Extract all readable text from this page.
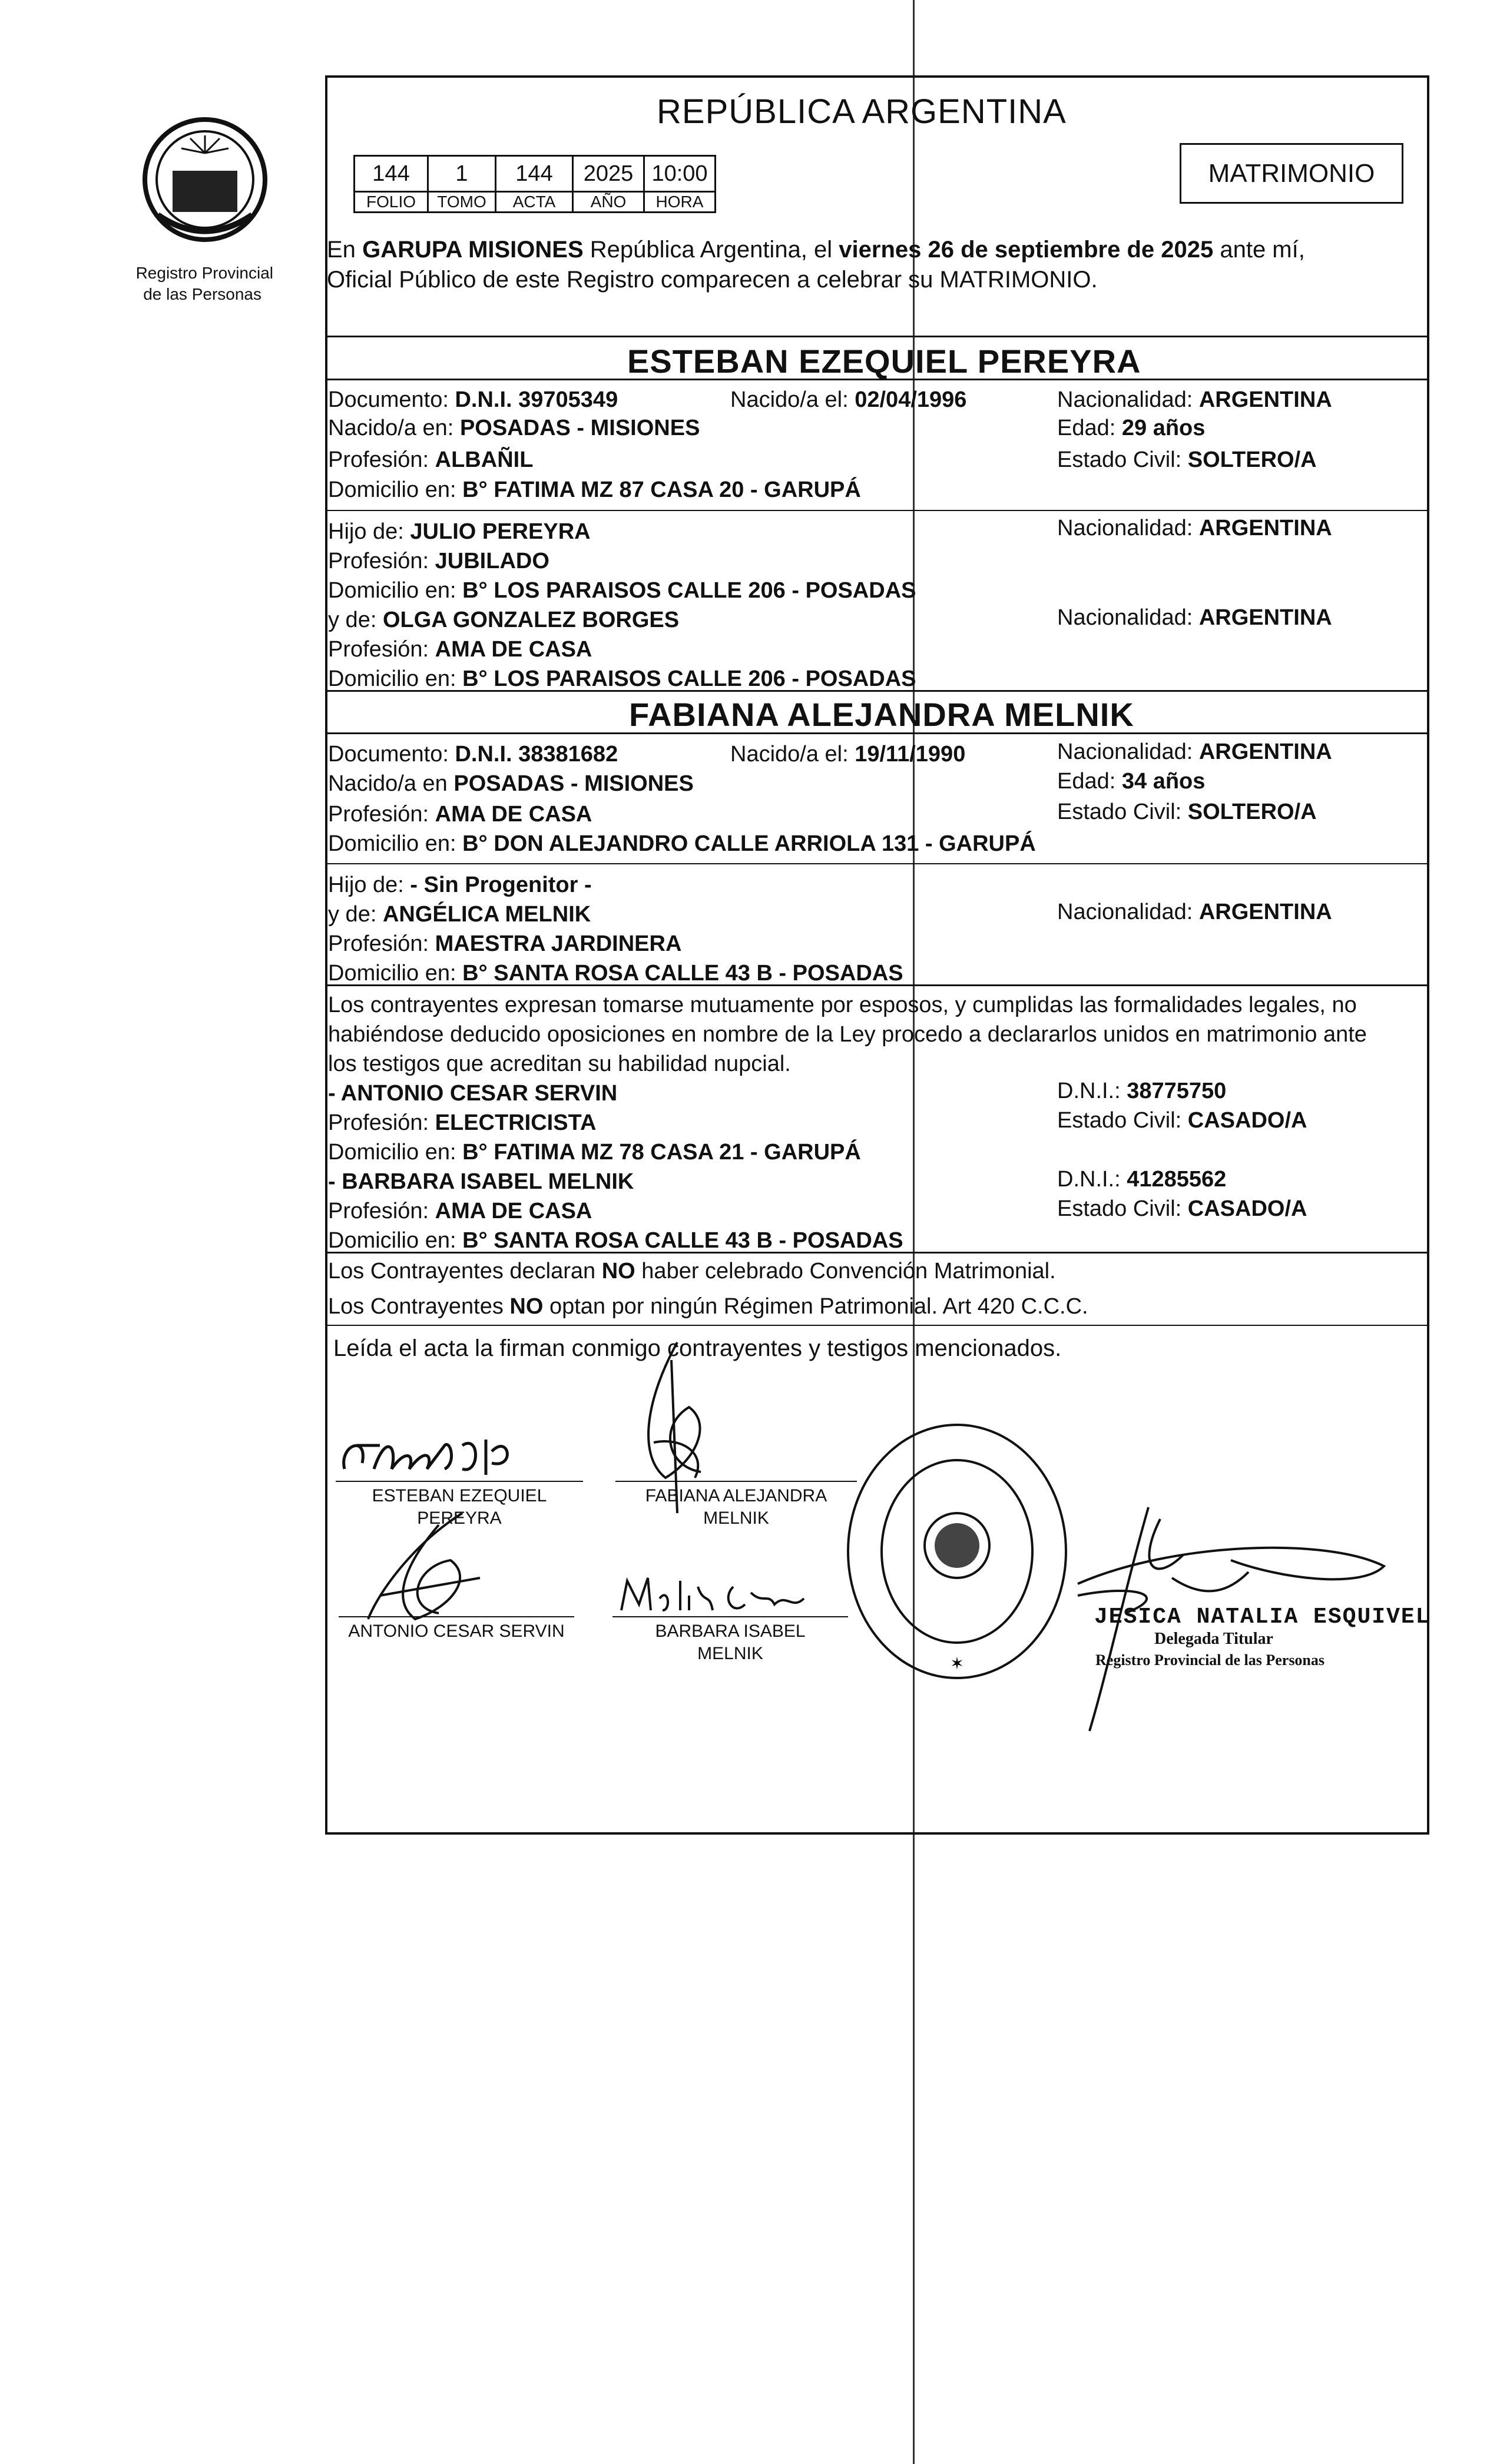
Registro Provincial
de las Personas
REPÚBLICA ARGENTINA
144	1	144	2025	10:00
FOLIO	TOMO	ACTA	AÑO	HORA
MATRIMONIO
En GARUPA MISIONES República Argentina, el viernes 26 de septiembre de 2025 ante mí,
Oficial Público de este Registro comparecen a celebrar su MATRIMONIO.
ESTEBAN EZEQUIEL PEREYRA
Documento: D.N.I. 39705349	Nacido/a el: 02/04/1996	Nacionalidad: ARGENTINA
Nacido/a en: POSADAS - MISIONES	Edad: 29 años
Profesión: ALBAÑIL	Estado Civil: SOLTERO/A
Domicilio en: B° FATIMA MZ 87 CASA 20 - GARUPÁ
Hijo de: JULIO PEREYRA	Nacionalidad: ARGENTINA
Profesión: JUBILADO
Domicilio en: B° LOS PARAISOS CALLE 206 - POSADAS
y de: OLGA GONZALEZ BORGES	Nacionalidad: ARGENTINA
Profesión: AMA DE CASA
Domicilio en: B° LOS PARAISOS CALLE 206 - POSADAS
FABIANA ALEJANDRA MELNIK
Documento: D.N.I. 38381682	Nacido/a el: 19/11/1990	Nacionalidad: ARGENTINA
Nacido/a en POSADAS - MISIONES	Edad: 34 años
Profesión: AMA DE CASA	Estado Civil: SOLTERO/A
Domicilio en: B° DON ALEJANDRO CALLE ARRIOLA 131 - GARUPÁ
Hijo de: - Sin Progenitor -
y de: ANGÉLICA MELNIK	Nacionalidad: ARGENTINA
Profesión: MAESTRA JARDINERA
Domicilio en: B° SANTA ROSA CALLE 43 B - POSADAS
Los contrayentes expresan tomarse mutuamente por esposos, y cumplidas las formalidades legales, no
habiéndose deducido oposiciones en nombre de la Ley procedo a declararlos unidos en matrimonio ante
los testigos que acreditan su habilidad nupcial.
- ANTONIO CESAR SERVIN	D.N.I.: 38775750
Profesión: ELECTRICISTA	Estado Civil: CASADO/A
Domicilio en: B° FATIMA MZ 78 CASA 21 - GARUPÁ
- BARBARA ISABEL MELNIK	D.N.I.: 41285562
Profesión: AMA DE CASA	Estado Civil: CASADO/A
Domicilio en: B° SANTA ROSA CALLE 43 B - POSADAS
Los Contrayentes declaran NO haber celebrado Convención Matrimonial.
Los Contrayentes NO optan por ningún Régimen Patrimonial. Art 420 C.C.C.
Leída el acta la firman conmigo contrayentes y testigos mencionados.
ESTEBAN EZEQUIEL
PEREYRA
FABIANA ALEJANDRA
MELNIK
ANTONIO CESAR SERVIN	BARBARA ISABEL
MELNIK	✶
JESICA NATALIA ESQUIVEL
Delegada Titular
Registro Provincial de las Personas
